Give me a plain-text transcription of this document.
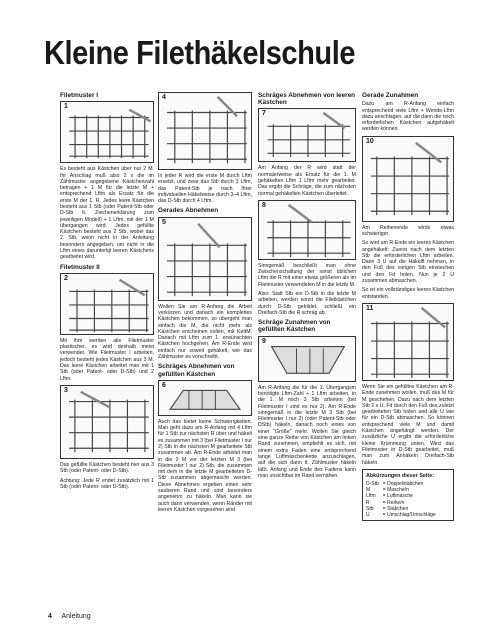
Kleine Filethäkelschule
Filetmuster I
1
Es besteht aus Kästchen über nur 2 M. Ihr Anschlag muß also 2 x die im Zählmuster angegebene Kästchenzahl betragen + 1 M für die letzte M + entsprechend Lftm als Ersatz für die erste M der 1. R. Jedes leere Kästchen besteht aus 1 Stb (oder Patent-Stb oder D-Stb lt. Zeichenerklärung zum jeweiligen Modell) + 1 Lftm, mit der 1 M übergangen wird. Jedes gefüllte Kästchen besteht aus 2 Stb, wobei das 2. Stb, wenn nicht in der Anleitung besonders angegeben, um nicht in die Lftm eines darunterlgl leeren Kästchens gearbeitet wird.
Filetmuster II
2
Mit ihm werden alle Filetmuster plastischer, es wird deshalb meist verwendet. Wie Filetmuster I arbeiten, jedoch besteht jedes Kästchen aus 3 M. Das leere Kästchen arbeitet man mit 1 Stb (oder Patent- oder D-Stb) und 2 Lftm.
3
Das gefüllte Kästchen besteht hier aus 3 Stb (oder Patent- oder D-Stb).
Achtung: Jede R endet zusätzlich mit 1 Stb (oder Patent- oder D-Stb).
4
In jeder R wird die erste M durch Lftm ersetzt, und zwar das Stb durch 3 Lftm, das Patent-Stb je nach Ihrer individuellen Häkelweise durch 3–4 Lftm, das D-Stb durch 4 Lftm.
Gerades Abnehmen
5
Wollen Sie am R-Anfang die Arbeit verkürzen und danach ein komplettes Kästchen bekommen, so übergeht man einfach die M, die nicht mehr als Kästchen erscheinen sollen, mit KettM. Danach mit Lftm zum 1. erwünschten Kästchen hochgehen. Am R-Ende wird einfach nur soweit gehäkelt, wie das Zählmuster es vorschreibt.
Schräges Abnehmen von gefüllten Kästchen
6
Auch das bietet keine Schwierigkeiten. Man geht dazu am R-Anfang mit 4 Lftm für 1 Stb zur nächsten R über und häkelt es zusammen mit 3 (bei Filetmuster I nur 2) Stb in die nächsten M gearbeitete Stb zusammen ab. Am R-Ende arbeitet man in die 3 M vor der letzten M 3 (bei Filetmuster I nur 2) Stb, die zusammen mit dem in die letzte M gearbeiteten D-Stb zusammen abgemascht werden. Diese Abnehmen ergeben einen sehr sauberen Rand und sind besonders angenehm zu häkeln. Man kann sie auch dann verwenden, wenn Ränder mit leeren Kästchen vorgesehen sind
Schräges Abnehmen von leeren Kästchen
7
Am Anfang der R wird statt der normalerweise als Ersatz für die 1. M gehäkelten Lftm 1 Lftm mehr gearbeitet. Das ergibt die Schräge, die zum nächsten normal gehäkelten Kästchen überleitet.
8
Sinngemäß beschließt man ohne Zwischenschaltung der sonst üblichen Lftm die R mit einer etwas größeren als im Filetmuster verwendeten M in die letzte M.
Also: Statt Stb ein D-Stb in die letzte M arbeiten, werden sonst die Filetkästchen durch D-Stb gebildet, schließt ein Dreifach-Stb die R schräg ab.
Schräge Zunahmen von gefüllten Kästchen
9
Am R-Anfang die für die 1. Übergangsm benötigte Lftm-Zahl + 1 Lftm arbeiten, in die 1. M noch 3 Stb arbeiten (bei Filetmuster I sind es nur 2). Am R-Ende sinngemäß in die letzte M 3 Stb (bei Filetmuster I nur 2) (oder Patent-Stb oder DStb) häkeln, danach noch eines von einer "Größe" mehr. Wollen Sie gleich eine ganze Reihe von Kästchen am linken Rand zunehmen, empfiehlt es sich, mit einem extra Faden eine entsprechend lange Luftmaschenkette anzuschlagen, auf die sich dann lt. Zählmuster häkeln läßt. Anfang und Ende des Fadens kann man unsichtbar im Rand vernähen.
Gerade Zunahmen
Dazu am R-Anfang einfach entsprechend viele Lftm + Wende-Lftm dazu anschlagen, auf die dann die noch erforderlichen Kästchen aufgehäkelt werden können.
10
Am Reihenende wirds etwas schwieriger.
So wird am R-Ende ein leeres Kästchen angehäkelt: Zuerst nach dem letzten Stb die erforderlichen Lftm arbeiten. Dann 3 U auf die Häkelfl nehmen, in den Fuß des vorigen Stb einstechen und den Fd holen. Nun je 2 U zusammen abmaschen.
So ist ein vollständiges leeres Kästchen entstanden.
11
Wenn Sie ein gefülltes Kästchen am R-Ende zunehmen wollen, muß das M für M geschehen. Dazu nach dem letzten Stb 2 x U, Fd durch den Fuß des zuletzt gearbeiteten Stb holen und alle U wie für ein D-Stb abmaschen. So können entsprechend viele M und damit Kästchen angehängt werden. Der zusätzliche U ergibt die erforderliche kleine Krümmung unten. Wird das Filetmuster in D-Stb gearbeitet, muß man zum Anhäkeln Dreifach-Stb häkeln.
Abkürzungen dieser Seite:
D-Stb	= Doppelstäbchen
M	= Masche/n
Lftm	= Luftmasche
R	= Reihe/n
Stb	= Stäbchen
U	= Umschlag/Umschläge
4 Anleitung
